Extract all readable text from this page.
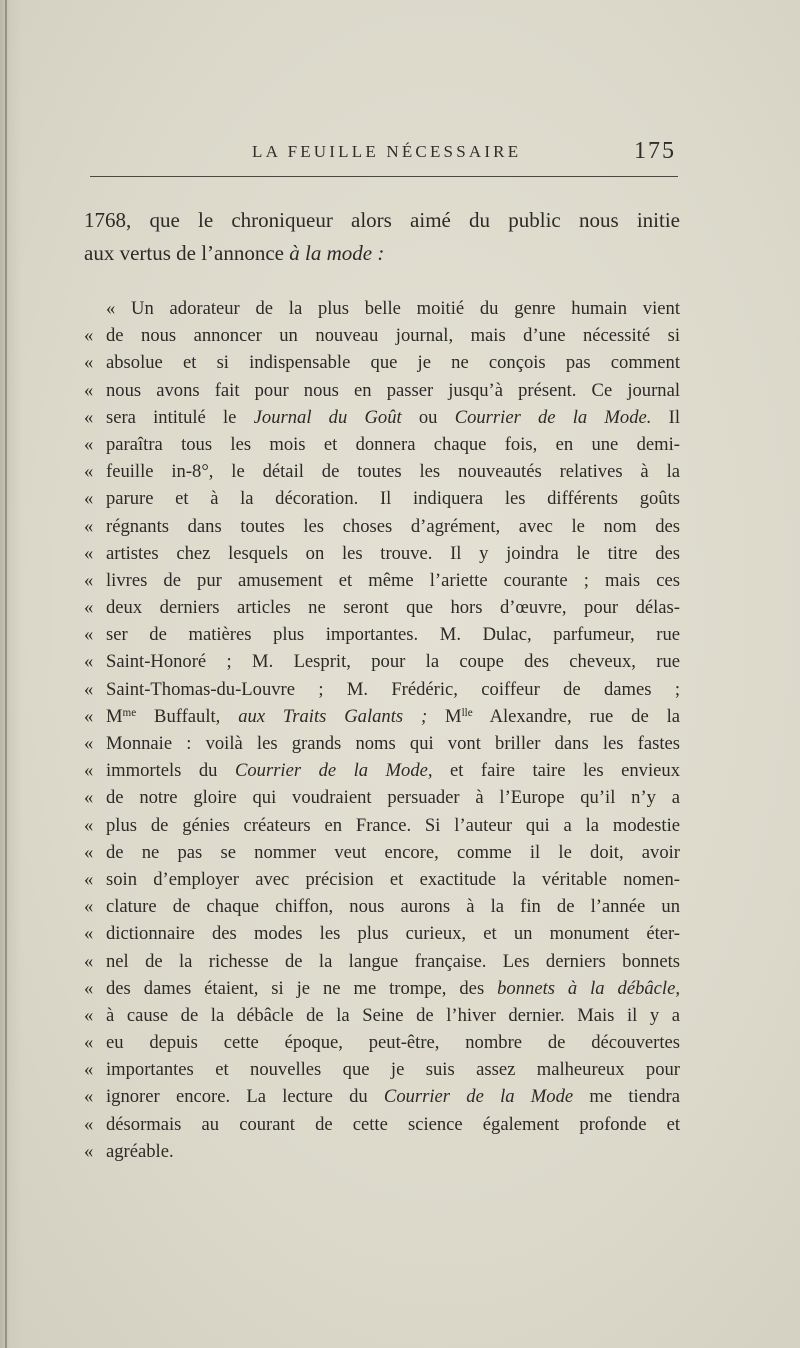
LA FEUILLE NÉCESSAIRE	175
1768, que le chroniqueur alors aimé du public nous initie
aux vertus de l’annonce à la mode :
« Un adorateur de la plus belle moitié du genre humain vient
« de nous annoncer un nouveau journal, mais d’une nécessité si
« absolue et si indispensable que je ne conçois pas comment
« nous avons fait pour nous en passer jusqu’à présent. Ce journal
« sera intitulé le Journal du Goût ou Courrier de la Mode. Il
« paraîtra tous les mois et donnera chaque fois, en une demi-
« feuille in-8°, le détail de toutes les nouveautés relatives à la
« parure et à la décoration. Il indiquera les différents goûts
« régnants dans toutes les choses d’agrément, avec le nom des
« artistes chez lesquels on les trouve. Il y joindra le titre des
« livres de pur amusement et même l’ariette courante ; mais ces
« deux derniers articles ne seront que hors d’œuvre, pour délas-
« ser de matières plus importantes. M. Dulac, parfumeur, rue
« Saint-Honoré ; M. Lesprit, pour la coupe des cheveux, rue
« Saint-Thomas-du-Louvre ; M. Frédéric, coiffeur de dames ;
« $M^{me}$ Buffault, aux Traits Galants ; $M^{lle}$ Alexandre, rue de la
« Monnaie : voilà les grands noms qui vont briller dans les fastes
« immortels du Courrier de la Mode, et faire taire les envieux
« de notre gloire qui voudraient persuader à l’Europe qu’il n’y a
« plus de génies créateurs en France. Si l’auteur qui a la modestie
« de ne pas se nommer veut encore, comme il le doit, avoir
« soin d’employer avec précision et exactitude la véritable nomen-
« clature de chaque chiffon, nous aurons à la fin de l’année un
« dictionnaire des modes les plus curieux, et un monument éter-
« nel de la richesse de la langue française. Les derniers bonnets
« des dames étaient, si je ne me trompe, des bonnets à la débâcle,
« à cause de la débâcle de la Seine de l’hiver dernier. Mais il y a
« eu depuis cette époque, peut-être, nombre de découvertes
« importantes et nouvelles que je suis assez malheureux pour
« ignorer encore. La lecture du Courrier de la Mode me tiendra
« désormais au courant de cette science également profonde et
« agréable.
